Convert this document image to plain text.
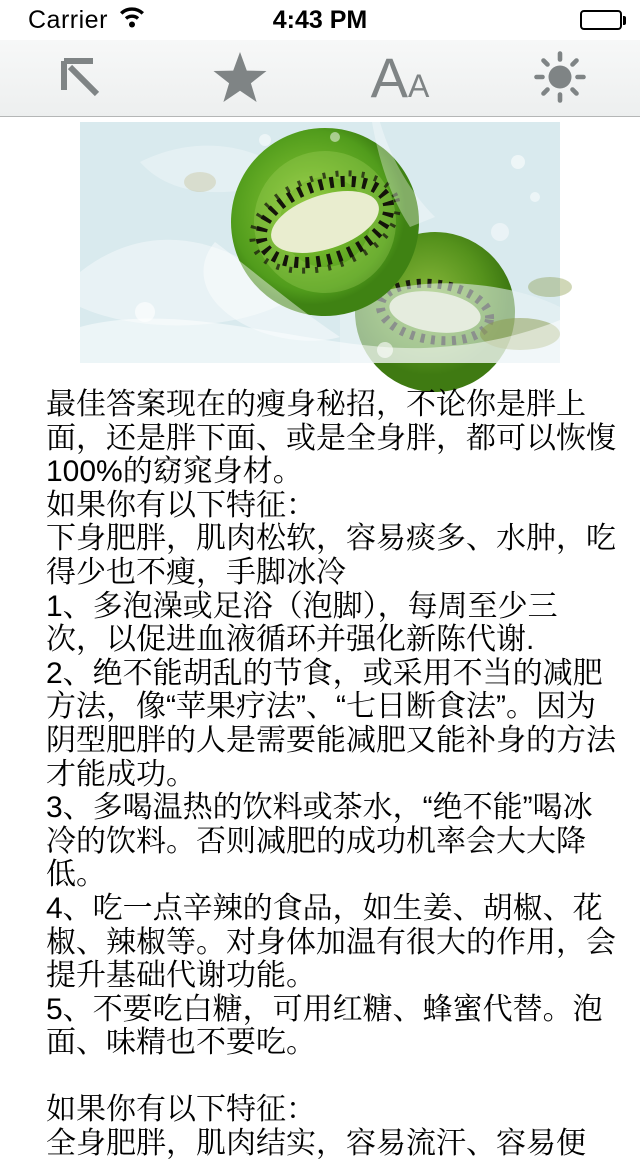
Carrier	4:43 PM
A A
最佳答案现在的瘦身秘招，不论你是胖上
面，还是胖下面、或是全身胖，都可以恢愎
100%的窈窕身材。
如果你有以下特征：
下身肥胖，肌肉松软，容易痰多、水肿，吃
得少也不瘦，手脚冰冷
1、多泡澡或足浴（泡脚），每周至少三
次，以促进血液循环并强化新陈代谢.
2、绝不能胡乱的节食，或采用不当的减肥
方法，像“苹果疗法”、“七日断食法”。因为
阴型肥胖的人是需要能减肥又能补身的方法
才能成功。
3、多喝温热的饮料或茶水，“绝不能”喝冰
冷的饮料。否则减肥的成功机率会大大降
低。
4、吃一点辛辣的食品，如生姜、胡椒、花
椒、辣椒等。对身体加温有很大的作用，会
提升基础代谢功能。
5、不要吃白糖，可用红糖、蜂蜜代替。泡
面、味精也不要吃。
如果你有以下特征：
全身肥胖，肌肉结实，容易流汗、容易便
